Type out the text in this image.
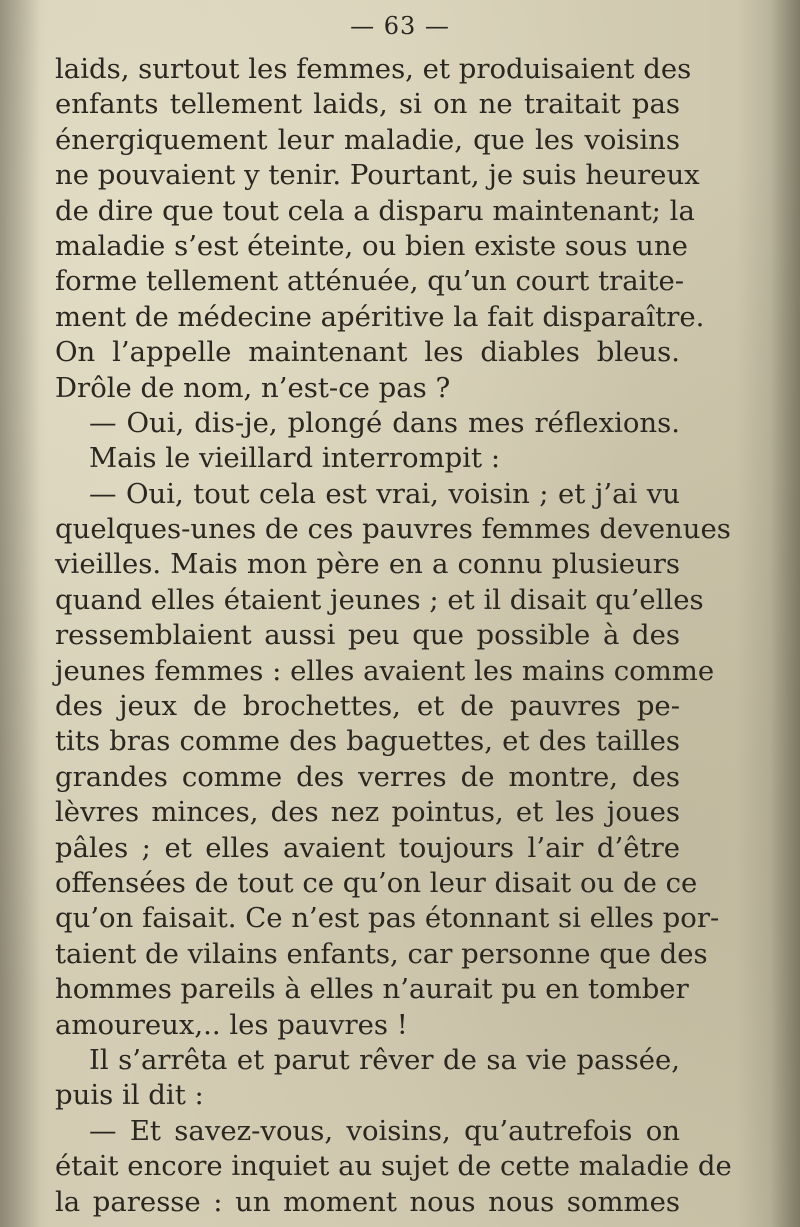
— 63 —
laids, surtout les femmes, et produisaient des
enfants tellement laids, si on ne traitait pas
énergiquement leur maladie, que les voisins
ne pouvaient y tenir. Pourtant, je suis heureux
de dire que tout cela a disparu maintenant; la
maladie s’est éteinte, ou bien existe sous une
forme tellement atténuée, qu’un court traite-
ment de médecine apéritive la fait disparaître.
On l’appelle maintenant les diables bleus.
Drôle de nom, n’est-ce pas ?
— Oui, dis-je, plongé dans mes réflexions.
Mais le vieillard interrompit :
— Oui, tout cela est vrai, voisin ; et j’ai vu
quelques-unes de ces pauvres femmes devenues
vieilles. Mais mon père en a connu plusieurs
quand elles étaient jeunes ; et il disait qu’elles
ressemblaient aussi peu que possible à des
jeunes femmes : elles avaient les mains comme
des jeux de brochettes, et de pauvres pe-
tits bras comme des baguettes, et des tailles
grandes comme des verres de montre, des
lèvres minces, des nez pointus, et les joues
pâles ; et elles avaient toujours l’air d’être
offensées de tout ce qu’on leur disait ou de ce
qu’on faisait. Ce n’est pas étonnant si elles por-
taient de vilains enfants, car personne que des
hommes pareils à elles n’aurait pu en tomber
amoureux,.. les pauvres !
Il s’arrêta et parut rêver de sa vie passée,
puis il dit :
— Et savez-vous, voisins, qu’autrefois on
était encore inquiet au sujet de cette maladie de
la paresse : un moment nous nous sommes
